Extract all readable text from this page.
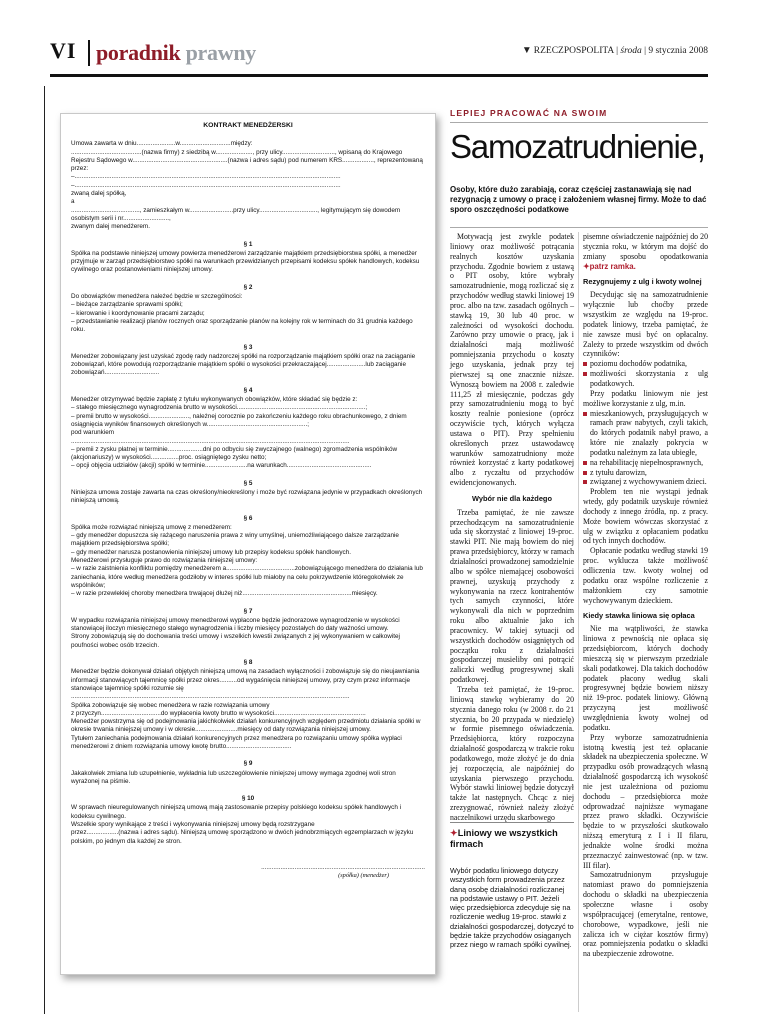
VI poradnik prawny	▼ RZECZPOSPOLITA | środa | 9 stycznia 2008
KONTRAKT MENEDŻERSKI

Umowa zawarta w dniu......................w.............................między:

........................................(nazwa firmy) z siedzibą w....................., przy ulicy.............................., wpisaną do Krajowego Rejestru Sądowego w......................................................(nazwa i adres sądu) pod numerem KRS.................., reprezentowaną przez:

–.......................................................................................................................................................

–.......................................................................................................................................................

zwaną dalej spółką,

a

......................................., zamieszkałym w.........................przy ulicy................................., legitymującym się dowodem osobistym serii i nr..........................,

zwanym dalej menedżerem.

§ 1

Spółka na podstawie niniejszej umowy powierza menedżerowi zarządzanie majątkiem przedsiębiorstwa spółki, a menedżer przyjmuje w zarząd przedsiębiorstwo spółki na warunkach przewidzianych przepisami kodeksu spółek handlowych, kodeksu cywilnego oraz postanowieniami niniejszej umowy.

§ 2

Do obowiązków menedżera należeć będzie w szczególności:

– bieżące zarządzanie sprawami spółki;

– kierowanie i koordynowanie pracami zarządu;

– przedstawianie realizacji planów rocznych oraz sporządzanie planów na kolejny rok w terminach do 31 grudnia każdego roku.

§ 3

Menedżer zobowiązany jest uzyskać zgodę rady nadzorczej spółki na rozporządzanie majątkiem spółki oraz na zaciąganie zobowiązań, które powodują rozporządzanie majątkiem spółki o wysokości przekraczającej......................lub zaciąganie zobowiązań...............................

§ 4

Menedżer otrzymywać będzie zapłatę z tytułu wykonywanych obowiązków, które składać się będzie z:

– stałego miesięcznego wynagrodzenia brutto w wysokości.........................................................................;

– premii brutto w wysokości......................., należnej corocznie po zakończeniu każdego roku obrachunkowego, z dniem osiągnięcia wyników finansowych określonych w.........................................................;

pod warunkiem

..............................................................................................................................................................

– premii z zysku płatnej w terminie....................dni po odbyciu się zwyczajnego (walnego) zgromadzenia wspólników (akcjonariuszy) w wysokości................proc. osiągniętego zysku netto;

– opcji objęcia udziałów (akcji) spółki w terminie........................na warunkach................................................

§ 5

Niniejsza umowa zostaje zawarta na czas określony/nieokreślony i może być rozwiązana jedynie w przypadkach określonych niniejszą umową.

§ 6

Spółka może rozwiązać niniejszą umowę z menedżerem:

– gdy menedżer dopuszcza się rażącego naruszenia prawa z winy umyślnej, uniemożliwiającego dalsze zarządzanie majątkiem przedsiębiorstwa spółki;

– gdy menedżer narusza postanowienia niniejszej umowy lub przepisy kodeksu spółek handlowych.

Menedżerowi przysługuje prawo do rozwiązania niniejszej umowy:

– w razie zaistnienia konfliktu pomiędzy menedżerem a.......................................zobowiązującego menedżera do działania lub zaniechania, które według menedżera godziłoby w interes spółki lub miałoby na celu pokrzywdzenie któregokolwiek ze wspólników;

– w razie przewlekłej choroby menedżera trwającej dłużej niż..............................................................miesięcy.

§ 7

W wypadku rozwiązania niniejszej umowy menedżerowi wypłacone będzie jednorazowe wynagrodzenie w wysokości stanowiącej iloczyn miesięcznego stałego wynagrodzenia i liczby miesięcy pozostałych do daty ważności umowy.

Strony zobowiązują się do dochowania treści umowy i wszelkich kwestii związanych z jej wykonywaniem w całkowitej poufności wobec osób trzecich.

§ 8

Menedżer będzie dokonywał działań objętych niniejszą umową na zasadach wyłączności i zobowiązuje się do nieujawniania informacji stanowiących tajemnicę spółki przez okres..........od wygaśnięcia niniejszej umowy, przy czym przez informacje stanowiące tajemnicę spółki rozumie się

..............................................................................................................................................................

Spółka zobowiązuje się wobec menedżera w razie rozwiązania umowy

z przyczyn..................................do wypłacenia kwoty brutto w wysokości....................................................

Menedżer powstrzyma się od podejmowania jakichkolwiek działań konkurencyjnych względem przedmiotu działania spółki w okresie trwania niniejszej umowy i w okresie........................miesięcy od daty rozwiązania niniejszej umowy.

Tytułem zaniechania podejmowania działań konkurencyjnych przez menedżera po rozwiązaniu umowy spółka wypłaci menedżerowi z dniem rozwiązania umowy kwotę brutto.....................................

§ 9

Jakakolwiek zmiana lub uzupełnienie, wykładnia lub uszczegółowienie niniejszej umowy wymaga zgodnej woli stron wyrażonej na piśmie.

§ 10

W sprawach nieuregulowanych niniejszą umową mają zastosowanie przepisy polskiego kodeksu spółek handlowych i kodeksu cywilnego.

Wszelkie spory wynikające z treści i wykonywania niniejszej umowy będą rozstrzygane

przez..................(nazwa i adres sądu). Niniejszą umowę sporządzono w dwóch jednobrzmiących egzemplarzach w języku polskim, po jednym dla każdej ze stron.

.............................................................................................
(spółka) (menedżer)
LEPIEJ PRACOWAĆ NA SWOIM
Samozatrudnienie,
Osoby, które dużo zarabiają, coraz częściej zastanawiają się nad rezygnacją z umowy o pracę i założeniem własnej firmy. Może to dać sporo oszczędności podatkowe

Motywacją jest zwykle podatek liniowy oraz możliwość potrącania realnych kosztów uzyskania przychodu. Zgodnie bowiem z ustawą o PIT osoby, które wybrały samozatrudnienie, mogą rozliczać się z przychodów według stawki liniowej 19 proc. albo na tzw. zasadach ogólnych – stawką 19, 30 lub 40 proc. w zależności od wysokości dochodu. Zarówno przy umowie o pracę, jak i działalności mają możliwość pomniejszania przychodu o koszty jego uzyskania, jednak przy tej pierwszej są one znacznie niższe. Wynoszą bowiem na 2008 r. zaledwie 111,25 zł miesięcznie, podczas gdy przy samozatrudnieniu mogą to być koszty realnie poniesione (oprócz oczywiście tych, których wyłącza ustawa o PIT). Przy spełnieniu określonych przez ustawodawcę warunków samozatrudniony może również korzystać z karty podatkowej albo z ryczałtu od przychodów ewidencjonowanych.

Wybór nie dla każdego

Trzeba pamiętać, że nie zawsze przechodzącym na samozatrudnienie uda się skorzystać z liniowej 19-proc. stawki PIT. Nie mają bowiem do niej prawa przedsiębiorcy, którzy w ramach działalności prowadzonej samodzielnie albo w spółce niemającej osobowości prawnej, uzyskują przychody z wykonywania na rzecz kontrahentów tych samych czynności, które wykonywali dla nich w poprzednim roku albo aktualnie jako ich pracownicy. W takiej sytuacji od wszystkich dochodów osiągniętych od początku roku z działalności gospodarczej musieliby oni potrącić zaliczki według progresywnej skali podatkowej.

Trzeba też pamiętać, że 19-proc. liniową stawkę wybieramy do 20 stycznia danego roku (w 2008 r. do 21 stycznia, bo 20 przypada w niedzielę) w formie pisemnego oświadczenia. Przedsiębiorca, który rozpoczyna działalność gospodarczą w trakcie roku podatkowego, może złożyć je do dnia jej rozpoczęcia, ale najpóźniej do uzyskania pierwszego przychodu. Wybór stawki liniowej będzie dotyczył także lat następnych. Chcąc z niej zrezygnować, również należy złożyć naczelnikowi urzędu skarbowego

pisemne oświadczenie najpóźniej do 20 stycznia roku, w którym ma dojść do zmiany sposobu opodatkowania ✦patrz ramka.

Rezygnujemy z ulg i kwoty wolnej

Decydując się na samozatrudnienie wyłącznie lub choćby przede wszystkim ze względu na 19-proc. podatek liniowy, trzeba pamiętać, że nie zawsze musi być on opłacalny. Zależy to przede wszystkim od dwóch czynników:

poziomu dochodów podatnika,

możliwości skorzystania z ulg podatkowych.

Przy podatku liniowym nie jest możliwe korzystanie z ulg, m.in.

mieszkaniowych, przysługujących w ramach praw nabytych, czyli takich, do których podatnik nabył prawo, a które nie znalazły pokrycia w podatku należnym za lata ubiegłe,

na rehabilitację niepełnosprawnych,

z tytułu darowizn,

związanej z wychowywaniem dzieci.

Problem ten nie wystąpi jednak wtedy, gdy podatnik uzyskuje również dochody z innego źródła, np. z pracy. Może bowiem wówczas skorzystać z ulg w związku z opłacaniem podatku od tych innych dochodów.

Opłacanie podatku według stawki 19 proc. wyklucza także możliwość odliczenia tzw. kwoty wolnej od podatku oraz wspólne rozliczenie z małżonkiem czy samotnie wychowywanym dzieckiem.

Kiedy stawka liniowa się opłaca

Nie ma wątpliwości, że stawka liniowa z pewnością nie opłaca się przedsiębiorcom, których dochody mieszczą się w pierwszym przedziale skali podatkowej. Dla takich dochodów podatek płacony według skali progresywnej będzie bowiem niższy niż 19-proc. podatek liniowy. Główną przyczyną jest możliwość uwzględnienia kwoty wolnej od podatku.

Przy wyborze samozatrudnienia istotną kwestią jest też opłacanie składek na ubezpieczenia społeczne. W przypadku osób prowadzących własną działalność gospodarczą ich wysokość nie jest uzależniona od poziomu dochodu – przedsiębiorca może odprowadzać najniższe wymagane przez prawo składki. Oczywiście będzie to w przyszłości skutkowało niższą emeryturą z I i II filaru, jednakże wolne środki można przeznaczyć zainwestować (np. w tzw. III filar).

Samozatrudnionym przysługuje natomiast prawo do pomniejszenia dochodu o składki na ubezpieczenia społeczne własne i osoby współpracującej (emerytalne, rentowe, chorobowe, wypadkowe, jeśli nie zalicza ich w ciężar kosztów firmy) oraz pomniejszenia podatku o składki na ubezpieczenie zdrowotne.

✦Liniowy we wszystkich firmach
Wybór podatku liniowego dotyczy wszystkich form prowadzenia przez daną osobę działalności rozliczanej na podstawie ustawy o PIT. Jeżeli więc przedsiębiorca zdecyduje się na rozliczenie według 19-proc. stawki z działalności gospodarczej, dotyczyć to będzie także przychodów osiąganych przez niego w ramach spółki cywilnej.
